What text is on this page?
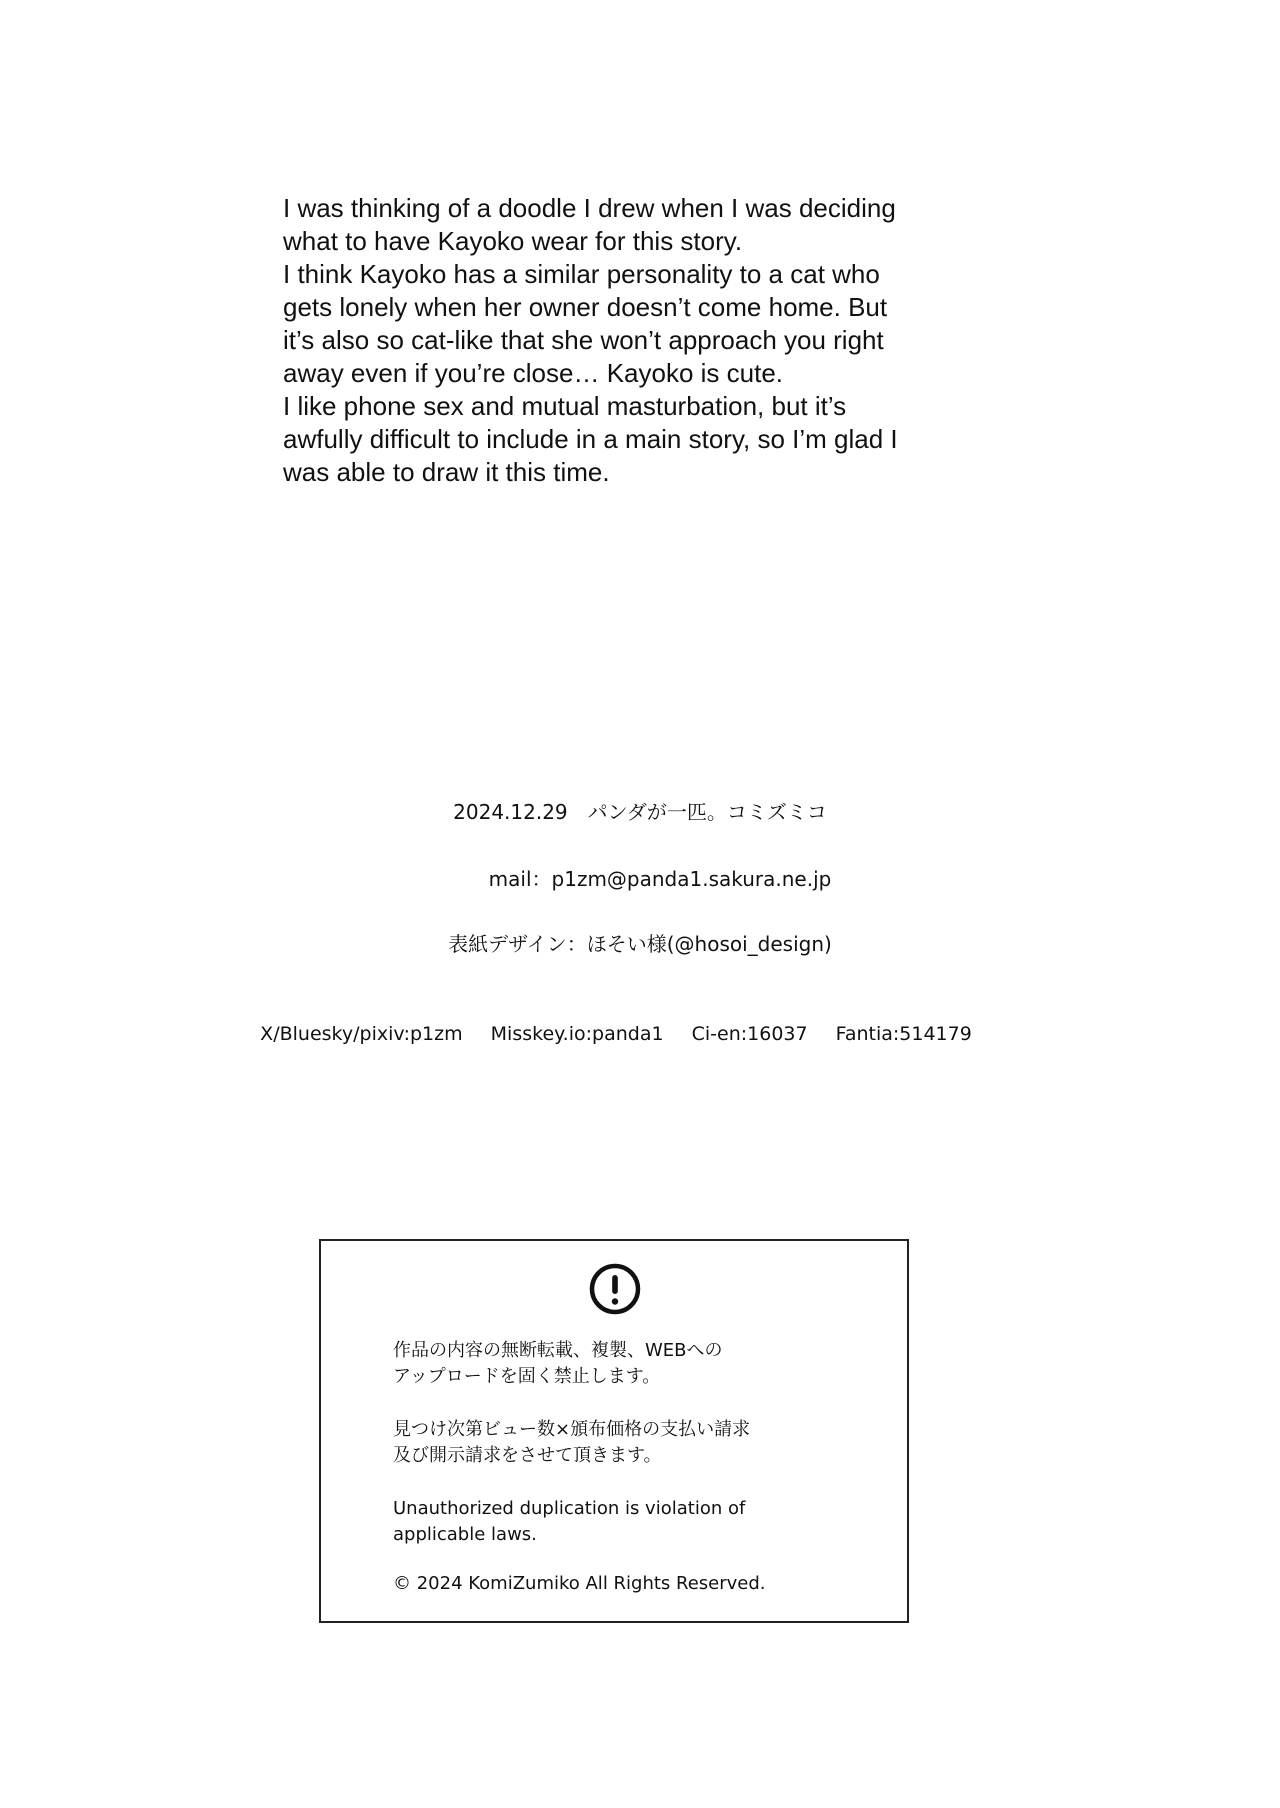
I was thinking of a doodle I drew when I was deciding
what to have Kayoko wear for this story.
I think Kayoko has a similar personality to a cat who
gets lonely when her owner doesn’t come home. But
it’s also so cat-like that she won’t approach you right
away even if you’re close… Kayoko is cute.
I like phone sex and mutual masturbation, but it’s
awfully difficult to include in a main story, so I’m glad I
was able to draw it this time.

2024.12.29　パンダが一匹。コミズミコ
mail：p1zm@panda1.sakura.ne.jp
表紙デザイン：ほそい様(@hosoi_design)
X/Bluesky/pixiv:p1zm Misskey.io:panda1 Ci-en:16037 Fantia:514179
作品の内容の無断転載、複製、WEBへの
アップロードを固く禁止します。
見つけ次第ビュー数×頒布価格の支払い請求
及び開示請求をさせて頂きます。
Unauthorized duplication is violation of
applicable laws.
© 2024 KomiZumiko All Rights Reserved.
